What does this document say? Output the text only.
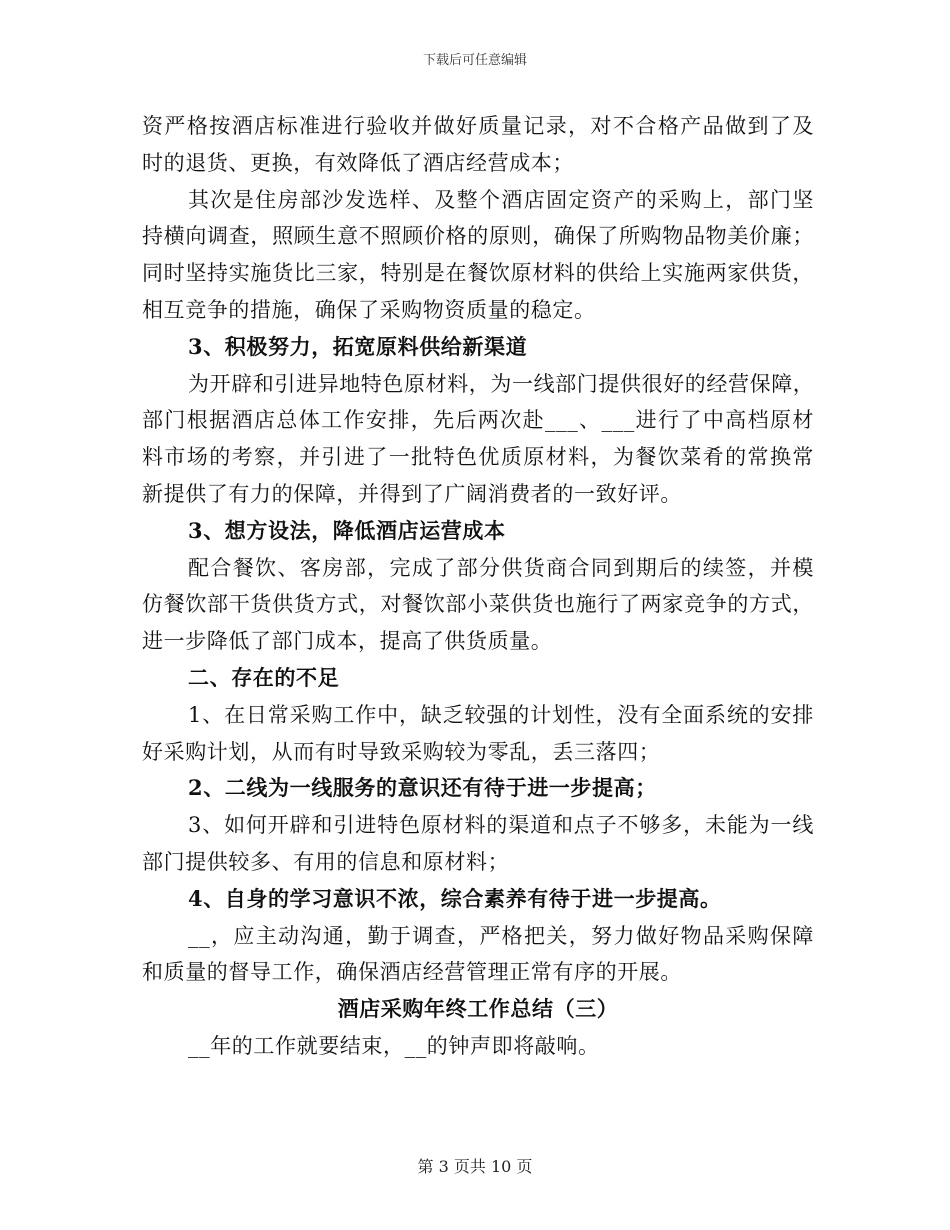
下载后可任意编辑
资严格按酒店标准进行验收并做好质量记录，对不合格产品做到了及
时的退货、更换，有效降低了酒店经营成本；
其次是住房部沙发选样、及整个酒店固定资产的采购上，部门坚
持横向调查，照顾生意不照顾价格的原则，确保了所购物品物美价廉；
同时坚持实施货比三家，特别是在餐饮原材料的供给上实施两家供货，
相互竞争的措施，确保了采购物资质量的稳定。
3、积极努力，拓宽原料供给新渠道
为开辟和引进异地特色原材料，为一线部门提供很好的经营保障，
部门根据酒店总体工作安排，先后两次赴___、___进行了中高档原材
料市场的考察，并引进了一批特色优质原材料，为餐饮菜肴的常换常
新提供了有力的保障，并得到了广阔消费者的一致好评。
3、想方设法，降低酒店运营成本
配合餐饮、客房部，完成了部分供货商合同到期后的续签，并模
仿餐饮部干货供货方式，对餐饮部小菜供货也施行了两家竞争的方式，
进一步降低了部门成本，提高了供货质量。
二、存在的不足
1、在日常采购工作中，缺乏较强的计划性，没有全面系统的安排
好采购计划，从而有时导致采购较为零乱，丢三落四；
2、二线为一线服务的意识还有待于进一步提高；
3、如何开辟和引进特色原材料的渠道和点子不够多，未能为一线
部门提供较多、有用的信息和原材料；
4、自身的学习意识不浓，综合素养有待于进一步提高。
__，应主动沟通，勤于调查，严格把关，努力做好物品采购保障
和质量的督导工作，确保酒店经营管理正常有序的开展。
酒店采购年终工作总结（三）
__年的工作就要结束，__的钟声即将敲响。
第 3 页共 10 页
